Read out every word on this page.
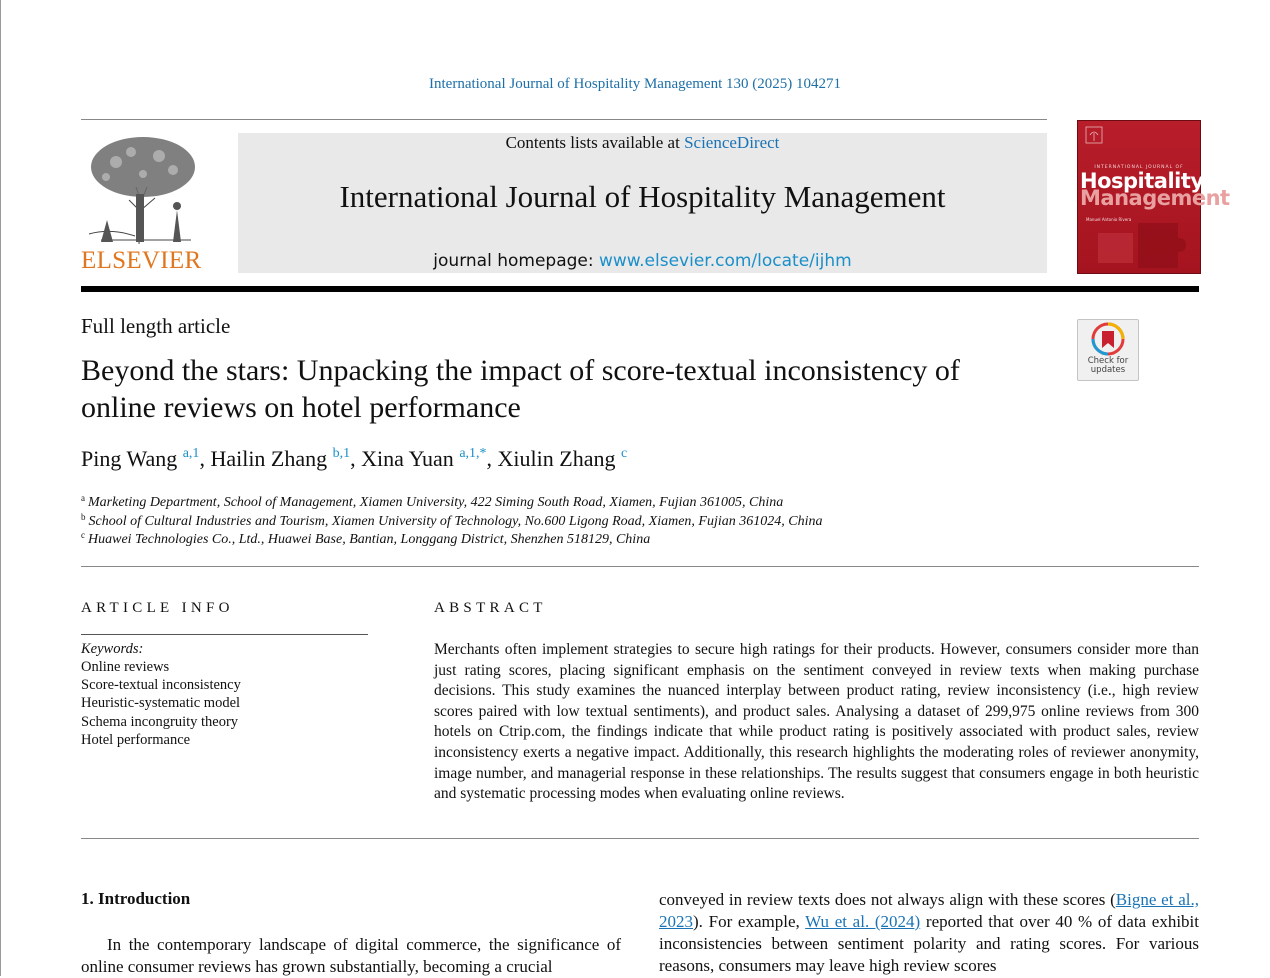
International Journal of Hospitality Management 130 (2025) 104271
ELSEVIER
Contents lists available at ScienceDirect
International Journal of Hospitality Management
journal homepage: www.elsevier.com/locate/ijhm
INTERNATIONAL JOURNAL OF
Hospitality
Management
Manuel Antonio Rivera
Full length article
Beyond the stars: Unpacking the impact of score-textual inconsistency of
online reviews on hotel performance
Check for
updates
Ping Wang $^{a,1}$, Hailin Zhang $^{b,1}$, Xina Yuan $^{a,1,*}$, Xiulin Zhang $^c$
$^a$ Marketing Department, School of Management, Xiamen University, 422 Siming South Road, Xiamen, Fujian 361005, China
$^b$ School of Cultural Industries and Tourism, Xiamen University of Technology, No.600 Ligong Road, Xiamen, Fujian 361024, China
$^c$ Huawei Technologies Co., Ltd., Huawei Base, Bantian, Longgang District, Shenzhen 518129, China
ARTICLE INFO
Keywords:
Online reviews
Score-textual inconsistency
Heuristic-systematic model
Schema incongruity theory
Hotel performance
ABSTRACT
Merchants often implement strategies to secure high ratings for their products. However, consumers consider more than just rating scores, placing significant emphasis on the sentiment conveyed in review texts when making purchase decisions. This study examines the nuanced interplay between product rating, review inconsistency (i.e., high review scores paired with low textual sentiments), and product sales. Analysing a dataset of 299,975 online reviews from 300 hotels on Ctrip.com, the findings indicate that while product rating is positively associated with product sales, review inconsistency exerts a negative impact. Additionally, this research highlights the moderating roles of reviewer anonymity, image number, and managerial response in these relationships. The results suggest that consumers engage in both heuristic and systematic processing modes when evaluating online reviews.
1. Introduction

In the contemporary landscape of digital commerce, the significance of online consumer reviews has grown substantially, becoming a crucial

conveyed in review texts does not always align with these scores (Bigne et al., 2023). For example, Wu et al. (2024) reported that over 40 % of data exhibit inconsistencies between sentiment polarity and rating scores. For various reasons, consumers may leave high review scores
